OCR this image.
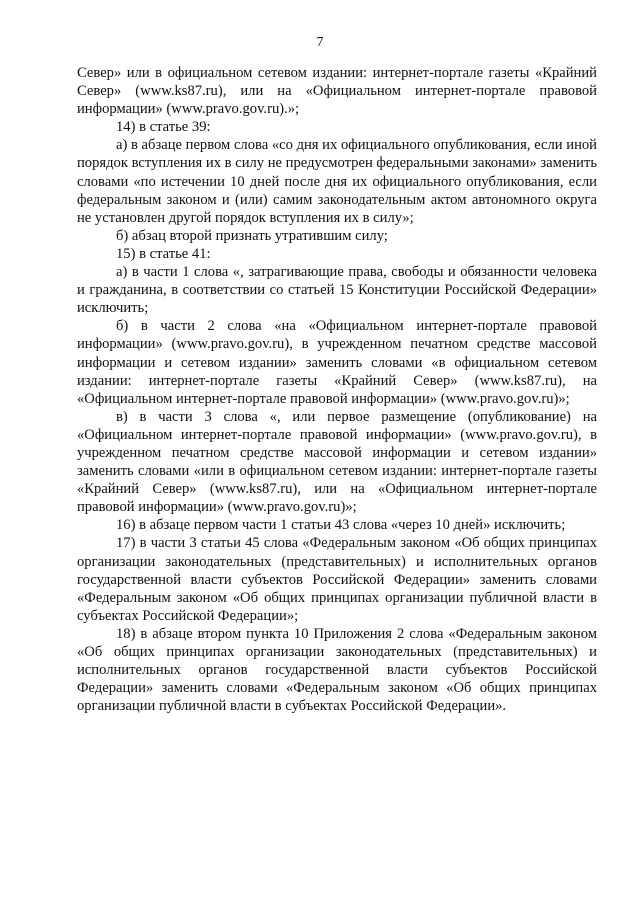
7

Север» или в официальном сетевом издании: интернет-портале газеты «Крайний Север» (www.ks87.ru), или на «Официальном интернет-портале правовой информации» (www.pravo.gov.ru).»;

14) в статье 39:

а) в абзаце первом слова «со дня их официального опубликования, если иной порядок вступления их в силу не предусмотрен федеральными законами» заменить словами «по истечении 10 дней после дня их официального опубликования, если федеральным законом и (или) самим законодательным актом автономного округа не установлен другой порядок вступления их в силу»;

б) абзац второй признать утратившим силу;

15) в статье 41:

а) в части 1 слова «, затрагивающие права, свободы и обязанности человека и гражданина, в соответствии со статьей 15 Конституции Российской Федерации» исключить;

б) в части 2 слова «на «Официальном интернет-портале правовой информации» (www.pravo.gov.ru), в учрежденном печатном средстве массовой информации и сетевом издании» заменить словами «в официальном сетевом издании: интернет-портале газеты «Крайний Север» (www.ks87.ru), на «Официальном интернет-портале правовой информации» (www.pravo.gov.ru)»;

в) в части 3 слова «, или первое размещение (опубликование) на «Официальном интернет-портале правовой информации» (www.pravo.gov.ru), в учрежденном печатном средстве массовой информации и сетевом издании» заменить словами «или в официальном сетевом издании: интернет-портале газеты «Крайний Север» (www.ks87.ru), или на «Официальном интернет-портале правовой информации» (www.pravo.gov.ru)»;

16) в абзаце первом части 1 статьи 43 слова «через 10 дней» исключить;

17) в части 3 статьи 45 слова «Федеральным законом «Об общих принципах организации законодательных (представительных) и исполнительных органов государственной власти субъектов Российской Федерации» заменить словами «Федеральным законом «Об общих принципах организации публичной власти в субъектах Российской Федерации»;

18) в абзаце втором пункта 10 Приложения 2 слова «Федеральным законом «Об общих принципах организации законодательных (представительных) и исполнительных органов государственной власти субъектов Российской Федерации» заменить словами «Федеральным законом «Об общих принципах организации публичной власти в субъектах Российской Федерации».
